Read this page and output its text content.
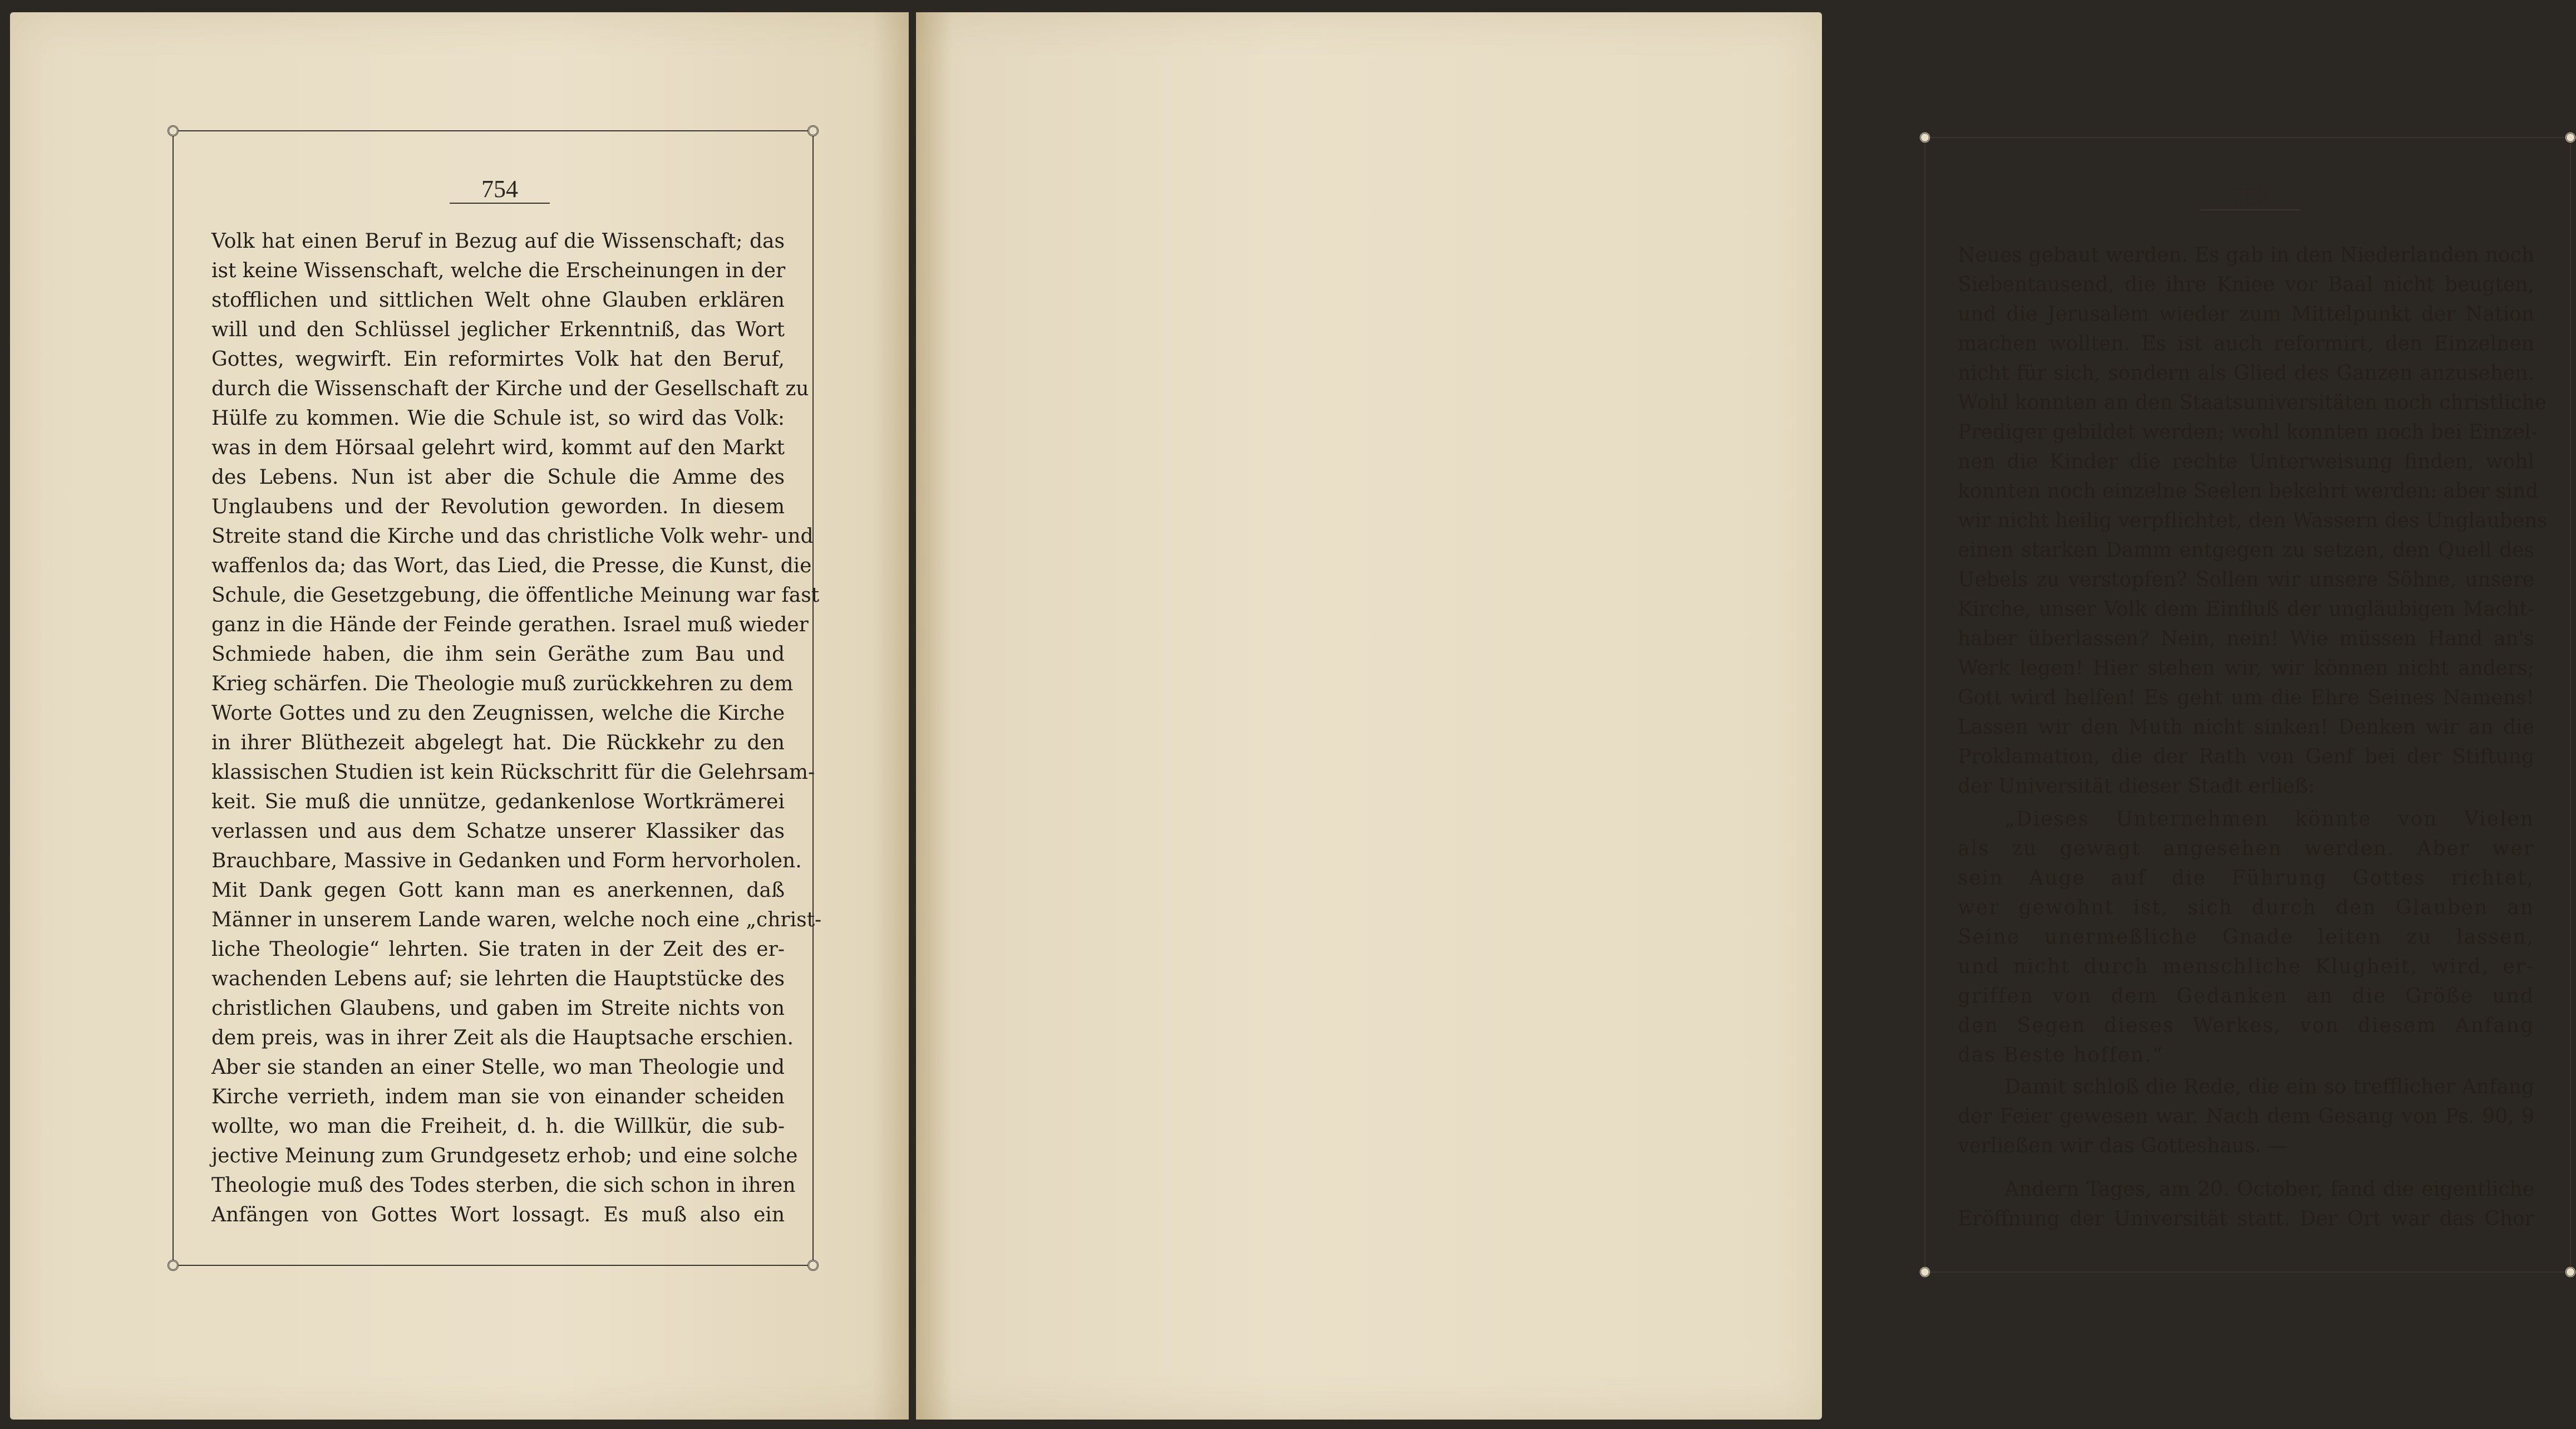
754
Volk hat einen Beruf in Bezug auf die Wissenschaft; das
ist keine Wissenschaft, welche die Erscheinungen in der
stofflichen und sittlichen Welt ohne Glauben erklären
will und den Schlüssel jeglicher Erkenntniß, das Wort
Gottes, wegwirft. Ein reformirtes Volk hat den Beruf,
durch die Wissenschaft der Kirche und der Gesellschaft zu
Hülfe zu kommen. Wie die Schule ist, so wird das Volk:
was in dem Hörsaal gelehrt wird, kommt auf den Markt
des Lebens. Nun ist aber die Schule die Amme des
Unglaubens und der Revolution geworden. In diesem
Streite stand die Kirche und das christliche Volk wehr- und
waffenlos da; das Wort, das Lied, die Presse, die Kunst, die
Schule, die Gesetzgebung, die öffentliche Meinung war fast
ganz in die Hände der Feinde gerathen. Israel muß wieder
Schmiede haben, die ihm sein Geräthe zum Bau und
Krieg schärfen. Die Theologie muß zurückkehren zu dem
Worte Gottes und zu den Zeugnissen, welche die Kirche
in ihrer Blüthezeit abgelegt hat. Die Rückkehr zu den
klassischen Studien ist kein Rückschritt für die Gelehrsam-
keit. Sie muß die unnütze, gedankenlose Wortkrämerei
verlassen und aus dem Schatze unserer Klassiker das
Brauchbare, Massive in Gedanken und Form hervorholen.
Mit Dank gegen Gott kann man es anerkennen, daß
Männer in unserem Lande waren, welche noch eine „christ-
liche Theologie“ lehrten. Sie traten in der Zeit des er-
wachenden Lebens auf; sie lehrten die Hauptstücke des
christlichen Glaubens, und gaben im Streite nichts von
dem preis, was in ihrer Zeit als die Hauptsache erschien.
Aber sie standen an einer Stelle, wo man Theologie und
Kirche verrieth, indem man sie von einander scheiden
wollte, wo man die Freiheit, d. h. die Willkür, die sub-
jective Meinung zum Grundgesetz erhob; und eine solche
Theologie muß des Todes sterben, die sich schon in ihren
Anfängen von Gottes Wort lossagt. Es muß also ein
755
Neues gebaut werden. Es gab in den Niederlanden noch
Siebentausend, die ihre Kniee vor Baal nicht beugten,
und die Jerusalem wieder zum Mittelpunkt der Nation
machen wollten. Es ist auch reformirt, den Einzelnen
nicht für sich, sondern als Glied des Ganzen anzusehen.
Wohl konnten an den Staatsuniversitäten noch christliche
Prediger gebildet werden; wohl konnten noch bei Einzel-
nen die Kinder die rechte Unterweisung finden, wohl
konnten noch einzelne Seelen bekehrt werden: aber sind
wir nicht heilig verpflichtet, den Wassern des Unglaubens
einen starken Damm entgegen zu setzen, den Quell des
Uebels zu verstopfen? Sollen wir unsere Söhne, unsere
Kirche, unser Volk dem Einfluß der ungläubigen Macht-
haber überlassen? Nein, nein! Wie müssen Hand an's
Werk legen! Hier stehen wir, wir können nicht anders;
Gott wird helfen! Es geht um die Ehre Seines Namens!
Lassen wir den Muth nicht sinken! Denken wir an die
Proklamation, die der Rath von Genf bei der Stiftung
der Universität dieser Stadt erließ:
„Dieses Unternehmen könnte von Vielen
als zu gewagt angesehen werden. Aber wer
sein Auge auf die Führung Gottes richtet,
wer gewohnt ist, sich durch den Glauben an
Seine unermeßliche Gnade leiten zu lassen,
und nicht durch menschliche Klugheit, wird, er-
griffen von dem Gedanken an die Größe und
den Segen dieses Werkes, von diesem Anfang
das Beste hoffen.“
Damit schloß die Rede, die ein so trefflicher Anfang
der Feier gewesen war. Nach dem Gesang von Ps. 90, 9
verließen wir das Gotteshaus. —
Andern Tages, am 20. October, fand die eigentliche
Eröffnung der Universität statt. Der Ort war das Chor
